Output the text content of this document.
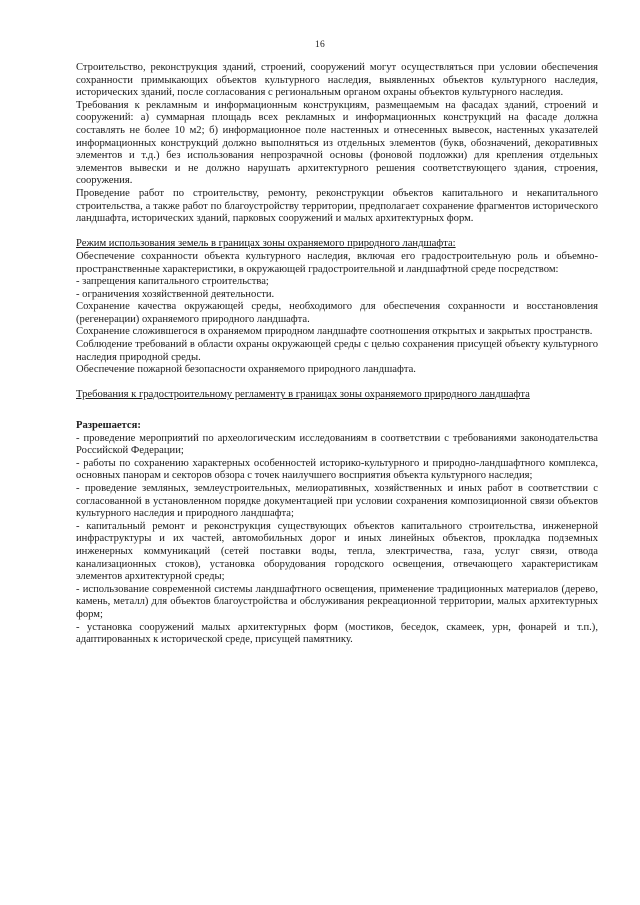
16

Строительство, реконструкция зданий, строений, сооружений могут осуществляться при условии обеспечения сохранности примыкающих объектов культурного наследия, выявленных объектов культурного наследия, исторических зданий, после согласования с региональным органом охраны объектов культурного наследия.

Требования к рекламным и информационным конструкциям, размещаемым на фасадах зданий, строений и сооружений: а) суммарная площадь всех рекламных и информационных конструкций на фасаде должна составлять не более 10 м2; б) информационное поле настенных и отнесенных вывесок, настенных указателей информационных конструкций должно выполняться из отдельных элементов (букв, обозначений, декоративных элементов и т.д.) без использования непрозрачной основы (фоновой подложки) для крепления отдельных элементов вывески и не должно нарушать архитектурного решения соответствующего здания, строения, сооружения.

Проведение работ по строительству, ремонту, реконструкции объектов капитального и некапитального строительства, а также работ по благоустройству территории, предполагает сохранение фрагментов исторического ландшафта, исторических зданий, парковых сооружений и малых архитектурных форм.

Режим использования земель в границах зоны охраняемого природного ландшафта:

Обеспечение сохранности объекта культурного наследия, включая его градостроительную роль и объемно-пространственные характеристики, в окружающей градостроительной и ландшафтной среде посредством:

- запрещения капитального строительства;

- ограничения хозяйственной деятельности.

Сохранение качества окружающей среды, необходимого для обеспечения сохранности и восстановления (регенерации) охраняемого природного ландшафта.

Сохранение сложившегося в охраняемом природном ландшафте соотношения открытых и закрытых пространств.

Соблюдение требований в области охраны окружающей среды с целью сохранения присущей объекту культурного наследия природной среды.

Обеспечение пожарной безопасности охраняемого природного ландшафта.

Требования к градостроительному регламенту в границах зоны охраняемого природного ландшафта

Разрешается:

- проведение мероприятий по археологическим исследованиям в соответствии с требованиями законодательства Российской Федерации;

- работы по сохранению характерных особенностей историко-культурного и природно-ландшафтного комплекса, основных панорам и секторов обзора с точек наилучшего восприятия объекта культурного наследия;

- проведение земляных, землеустроительных, мелиоративных, хозяйственных и иных работ в соответствии с согласованной в установленном порядке документацией при условии сохранения композиционной связи объектов культурного наследия и природного ландшафта;

- капитальный ремонт и реконструкция существующих объектов капитального строительства, инженерной инфраструктуры и их частей, автомобильных дорог и иных линейных объектов, прокладка подземных инженерных коммуникаций (сетей поставки воды, тепла, электричества, газа, услуг связи, отвода канализационных стоков), установка оборудования городского освещения, отвечающего характеристикам элементов архитектурной среды;

- использование современной системы ландшафтного освещения, применение традиционных материалов (дерево, камень, металл) для объектов благоустройства и обслуживания рекреационной территории, малых архитектурных форм;

- установка сооружений малых архитектурных форм (мостиков, беседок, скамеек, урн, фонарей и т.п.), адаптированных к исторической среде, присущей памятнику.
